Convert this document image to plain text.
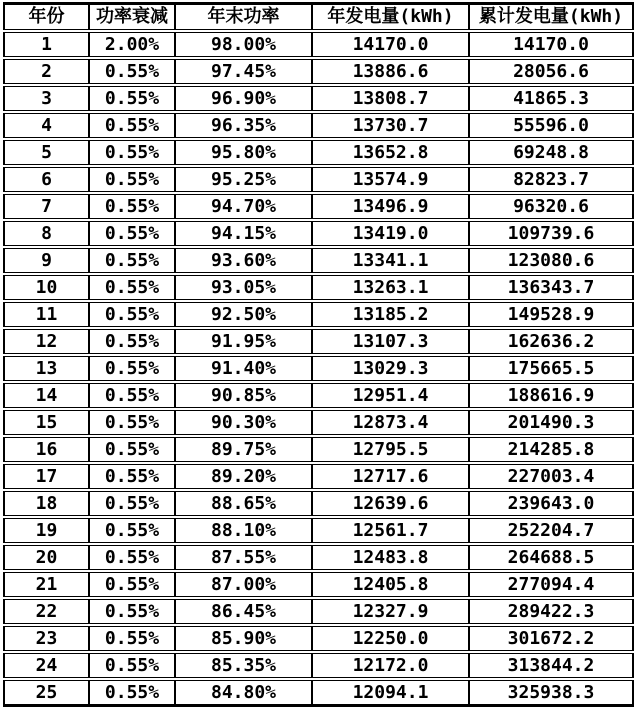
年份	功率衰减	年末功率	年发电量(kWh)	累计发电量(kWh)
1	2.00%	98.00%	14170.0	14170.0
2	0.55%	97.45%	13886.6	28056.6
3	0.55%	96.90%	13808.7	41865.3
4	0.55%	96.35%	13730.7	55596.0
5	0.55%	95.80%	13652.8	69248.8
6	0.55%	95.25%	13574.9	82823.7
7	0.55%	94.70%	13496.9	96320.6
8	0.55%	94.15%	13419.0	109739.6
9	0.55%	93.60%	13341.1	123080.6
10	0.55%	93.05%	13263.1	136343.7
11	0.55%	92.50%	13185.2	149528.9
12	0.55%	91.95%	13107.3	162636.2
13	0.55%	91.40%	13029.3	175665.5
14	0.55%	90.85%	12951.4	188616.9
15	0.55%	90.30%	12873.4	201490.3
16	0.55%	89.75%	12795.5	214285.8
17	0.55%	89.20%	12717.6	227003.4
18	0.55%	88.65%	12639.6	239643.0
19	0.55%	88.10%	12561.7	252204.7
20	0.55%	87.55%	12483.8	264688.5
21	0.55%	87.00%	12405.8	277094.4
22	0.55%	86.45%	12327.9	289422.3
23	0.55%	85.90%	12250.0	301672.2
24	0.55%	85.35%	12172.0	313844.2
25	0.55%	84.80%	12094.1	325938.3
